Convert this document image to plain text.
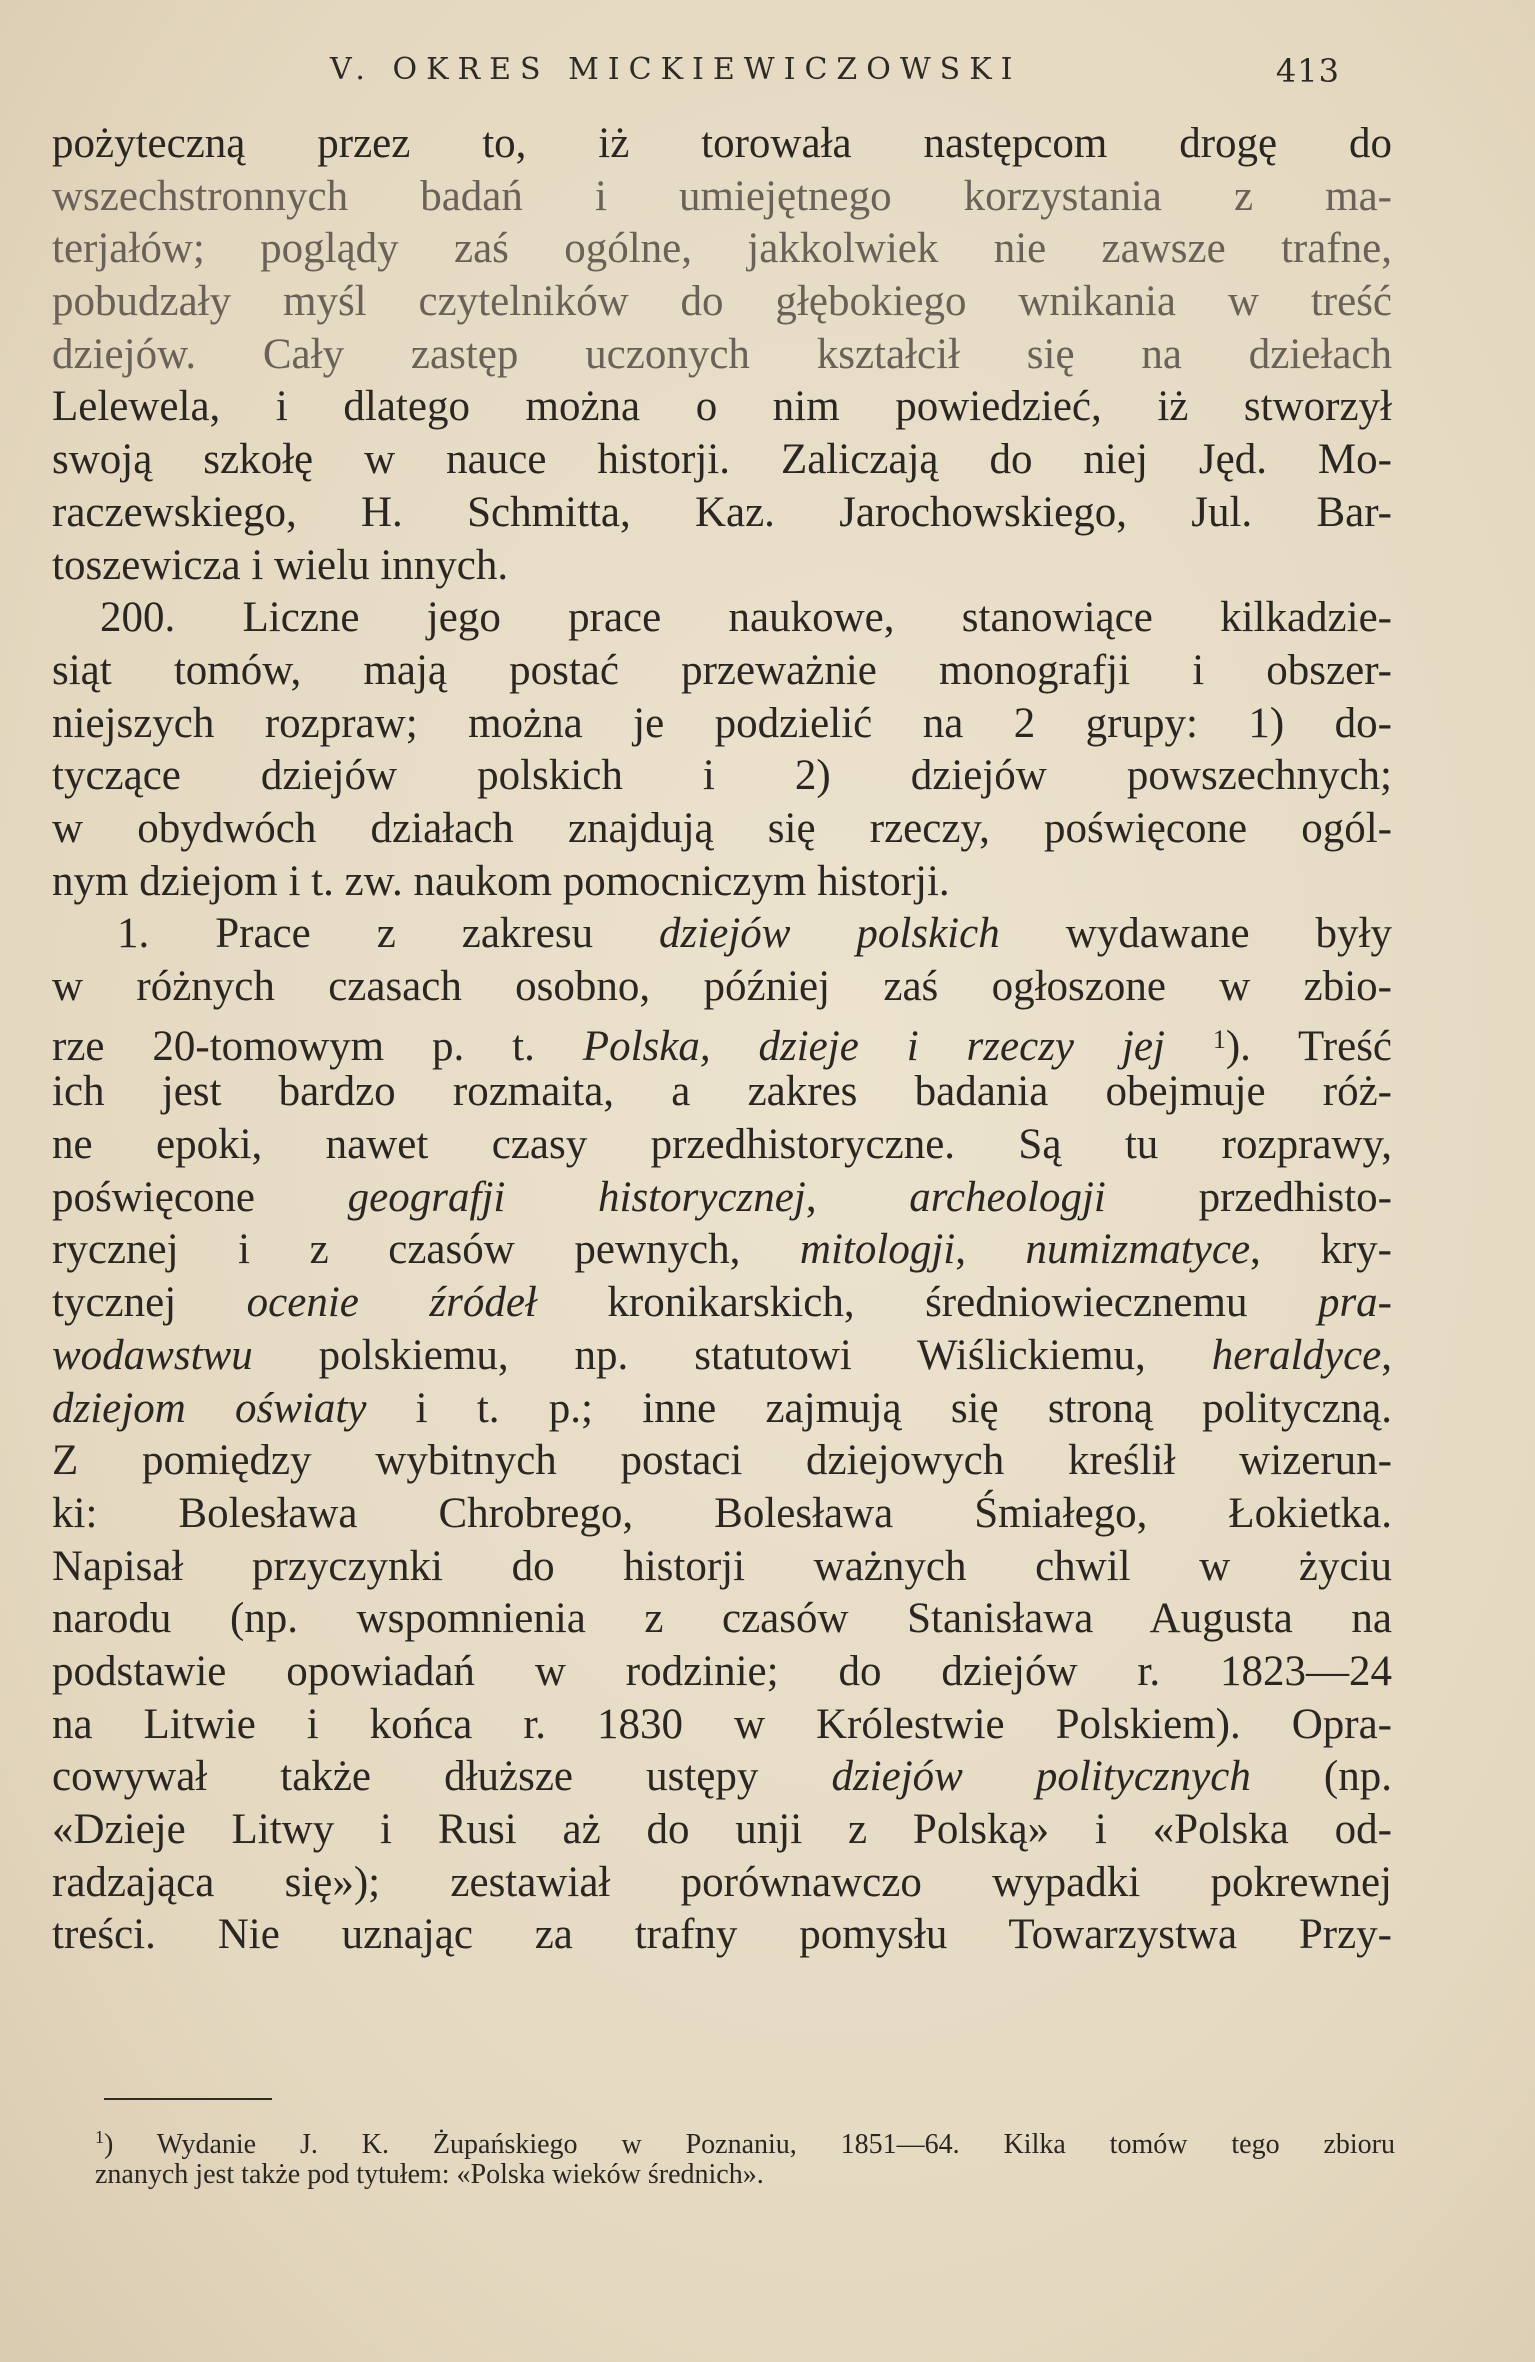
V. OKRES MICKIEWICZOWSKI	413
pożyteczną przez to, iż torowała następcom drogę do
wszechstronnych badań i umiejętnego korzystania z ma-
terjałów; poglądy zaś ogólne, jakkolwiek nie zawsze trafne,
pobudzały myśl czytelników do głębokiego wnikania w treść
dziejów. Cały zastęp uczonych kształcił się na dziełach
Lelewela, i dlatego można o nim powiedzieć, iż stworzył
swoją szkołę w nauce historji. Zaliczają do niej Jęd. Mo-
raczewskiego, H. Schmitta, Kaz. Jarochowskiego, Jul. Bar-
toszewicza i wielu innych.
200. Liczne jego prace naukowe, stanowiące kilkadzie-
siąt tomów, mają postać przeważnie monografji i obszer-
niejszych rozpraw; można je podzielić na 2 grupy: 1) do-
tyczące dziejów polskich i 2) dziejów powszechnych;
w obydwóch działach znajdują się rzeczy, poświęcone ogól-
nym dziejom i t. zw. naukom pomocniczym historji.
1. Prace z zakresu dziejów polskich wydawane były
w różnych czasach osobno, później zaś ogłoszone w zbio-
rze 20-tomowym p. t. Polska, dzieje i rzeczy jej $^1$). Treść
ich jest bardzo rozmaita, a zakres badania obejmuje róż-
ne epoki, nawet czasy przedhistoryczne. Są tu rozprawy,
poświęcone geografji historycznej, archeologji przedhisto-
rycznej i z czasów pewnych, mitologji, numizmatyce, kry-
tycznej ocenie źródeł kronikarskich, średniowiecznemu pra-
wodawstwu polskiemu, np. statutowi Wiślickiemu, heraldyce,
dziejom oświaty i t. p.; inne zajmują się stroną polityczną.
Z pomiędzy wybitnych postaci dziejowych kreślił wizerun-
ki: Bolesława Chrobrego, Bolesława Śmiałego, Łokietka.
Napisał przyczynki do historji ważnych chwil w życiu
narodu (np. wspomnienia z czasów Stanisława Augusta na
podstawie opowiadań w rodzinie; do dziejów r. 1823—24
na Litwie i końca r. 1830 w Królestwie Polskiem). Opra-
cowywał także dłuższe ustępy dziejów politycznych (np.
«Dzieje Litwy i Rusi aż do unji z Polską» i «Polska od-
radzająca się»); zestawiał porównawczo wypadki pokrewnej
treści. Nie uznając za trafny pomysłu Towarzystwa Przy-
$^1$) Wydanie J. K. Żupańskiego w Poznaniu, 1851—64. Kilka tomów tego zbioru
znanych jest także pod tytułem: «Polska wieków średnich».
